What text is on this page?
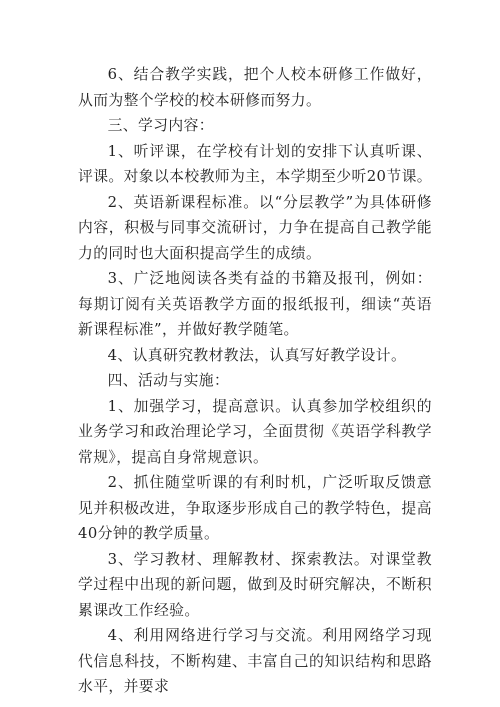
6、结合教学实践，把个人校本研修工作做好，从而为整个学校的校本研修而努力。

三、学习内容：

1、听评课，在学校有计划的安排下认真听课、评课。对象以本校教师为主，本学期至少听20节课。

2、英语新课程标准。以“分层教学”为具体研修内容，积极与同事交流研讨，力争在提高自己教学能力的同时也大面积提高学生的成绩。

3、广泛地阅读各类有益的书籍及报刊，例如：每期订阅有关英语教学方面的报纸报刊，细读“英语新课程标准”，并做好教学随笔。

4、认真研究教材教法，认真写好教学设计。

四、活动与实施：

1、加强学习，提高意识。认真参加学校组织的业务学习和政治理论学习，全面贯彻《英语学科教学常规》，提高自身常规意识。

2、抓住随堂听课的有利时机，广泛听取反馈意见并积极改进，争取逐步形成自己的教学特色，提高40分钟的教学质量。

3、学习教材、理解教材、探索教法。对课堂教学过程中出现的新问题，做到及时研究解决，不断积累课改工作经验。

4、利用网络进行学习与交流。利用网络学习现代信息科技，不断构建、丰富自己的知识结构和思路水平，并要求
